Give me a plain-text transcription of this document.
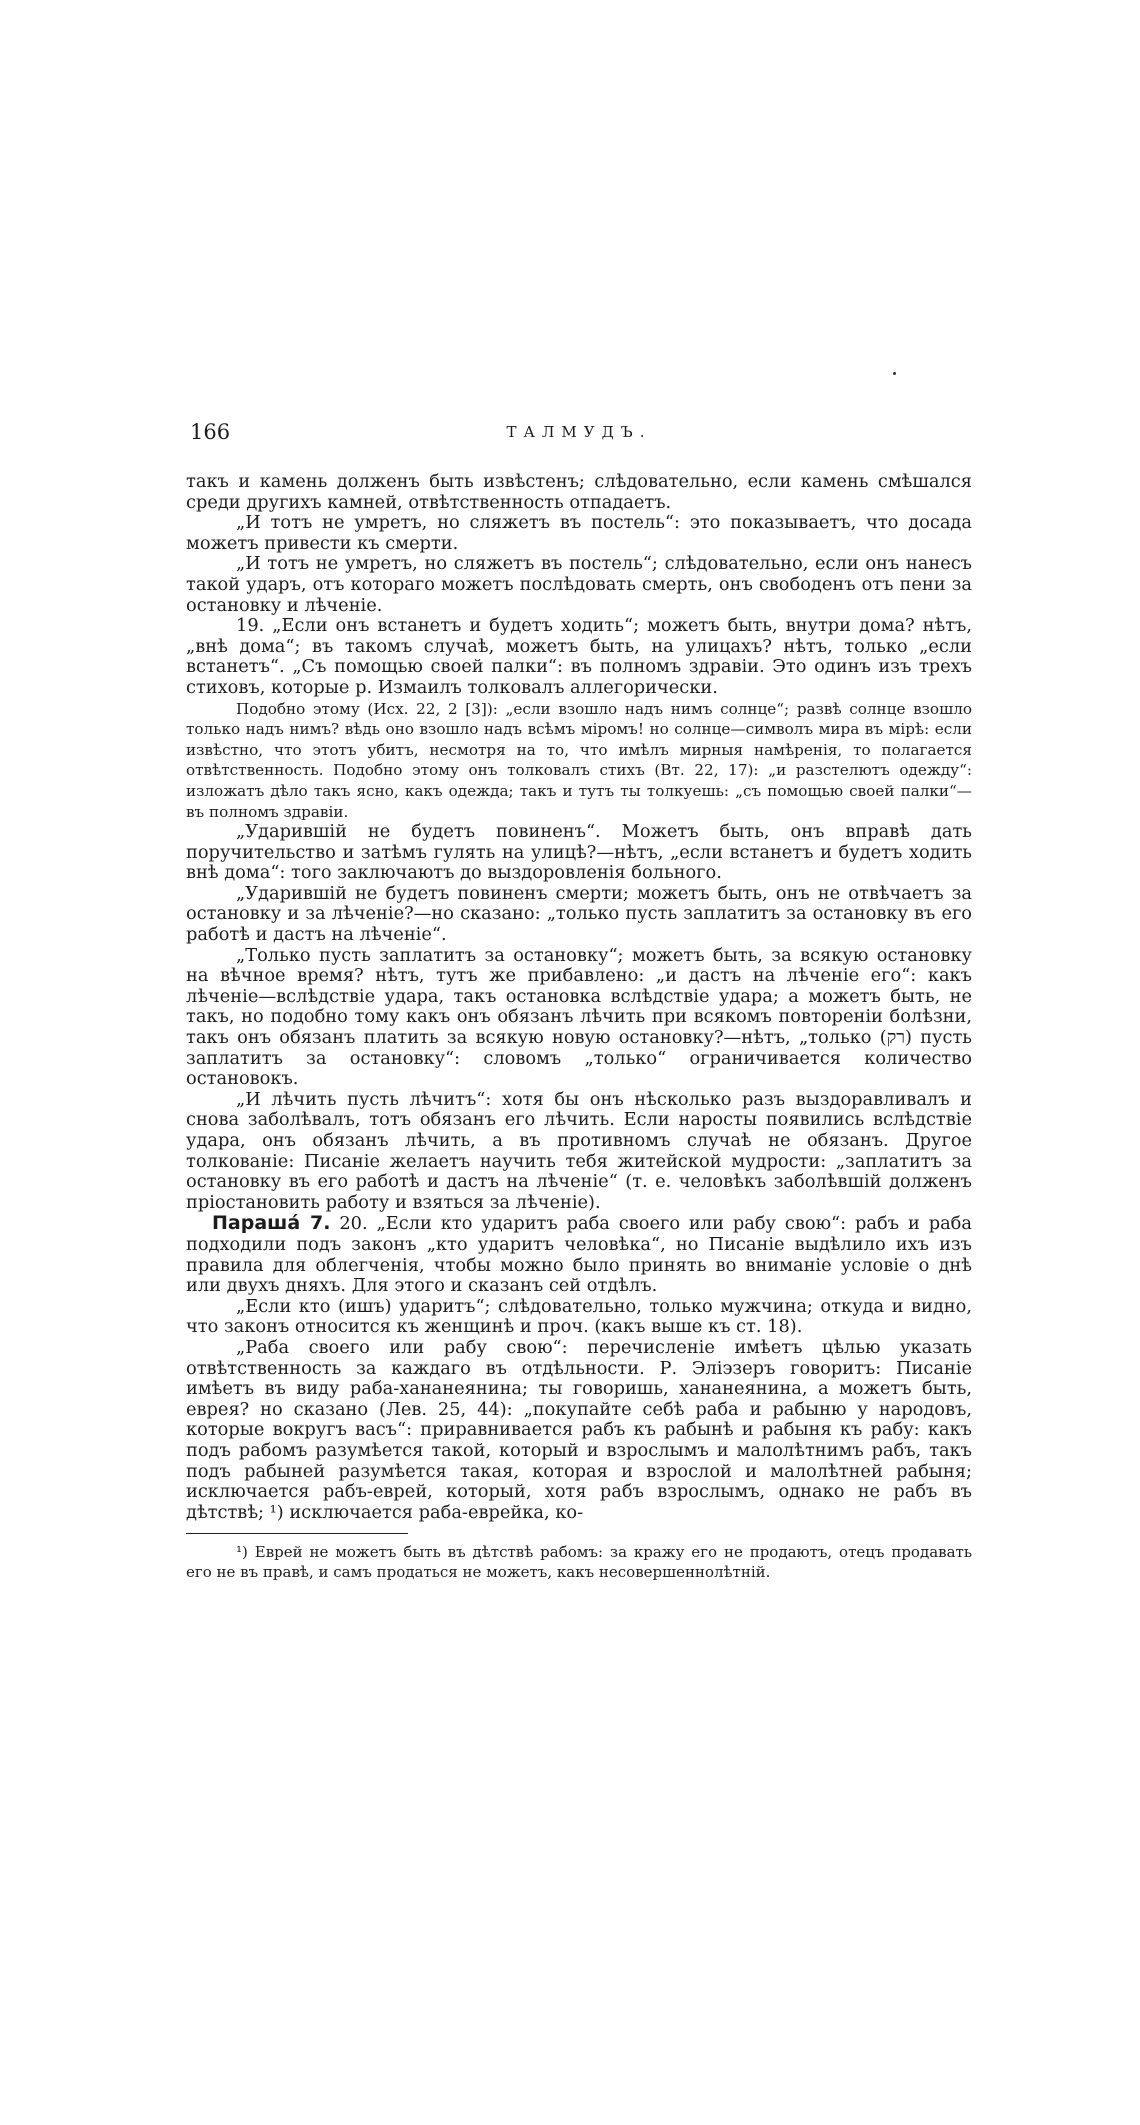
166	ТАЛМУДЪ.

такъ и камень долженъ быть извѣстенъ; слѣдовательно, если камень смѣшался среди другихъ камней, отвѣтственность отпадаетъ.

„И тотъ не умретъ, но сляжетъ въ постель“: это показываетъ, что досада можетъ привести къ смерти.

„И тотъ не умретъ, но сляжетъ въ постель“; слѣдовательно, если онъ нанесъ такой ударъ, отъ котораго можетъ послѣдовать смерть, онъ свободенъ отъ пени за остановку и лѣченіе.

19. „Если онъ встанетъ и будетъ ходить“; можетъ быть, внутри дома? нѣтъ, „внѣ дома“; въ такомъ случаѣ, можетъ быть, на улицахъ? нѣтъ, только „если встанетъ“. „Съ помощью своей палки“: въ полномъ здравіи. Это одинъ изъ трехъ стиховъ, которые р. Измаилъ толковалъ аллегорически.

Подобно этому (Исх. 22, 2 [3]): „если взошло надъ нимъ солнце“; развѣ солнце взошло только надъ нимъ? вѣдь оно взошло надъ всѣмъ міромъ! но солнце—символъ мира въ мірѣ: если извѣстно, что этотъ убитъ, несмотря на то, что имѣлъ мирныя намѣренія, то полагается отвѣтственность. Подобно этому онъ толковалъ стихъ (Вт. 22, 17): „и разстелютъ одежду“: изложатъ дѣло такъ ясно, какъ одежда; такъ и тутъ ты толкуешь: „съ помощью своей палки“—въ полномъ здравіи.

„Ударившій не будетъ повиненъ“. Можетъ быть, онъ вправѣ дать поручительство и затѣмъ гулять на улицѣ?—нѣтъ, „если встанетъ и будетъ ходить внѣ дома“: того заключаютъ до выздоровленія больного.

„Ударившій не будетъ повиненъ смерти; можетъ быть, онъ не отвѣчаетъ за остановку и за лѣченіе?—но сказано: „только пусть заплатитъ за остановку въ его работѣ и дастъ на лѣченіе“.

„Только пусть заплатитъ за остановку“; можетъ быть, за всякую остановку на вѣчное время? нѣтъ, тутъ же прибавлено: „и дастъ на лѣченіе его“: какъ лѣченіе—вслѣдствіе удара, такъ остановка вслѣдствіе удара; а можетъ быть, не такъ, но подобно тому какъ онъ обязанъ лѣчить при всякомъ повтореніи болѣзни, такъ онъ обязанъ платить за всякую новую остановку?—нѣтъ, „только (רק) пусть заплатитъ за остановку“: словомъ „только“ ограничивается количество остановокъ.

„И лѣчить пусть лѣчитъ“: хотя бы онъ нѣсколько разъ выздоравливалъ и снова заболѣвалъ, тотъ обязанъ его лѣчить. Если наросты появились вслѣдствіе удара, онъ обязанъ лѣчить, а въ противномъ случаѣ не обязанъ. Другое толкованіе: Писаніе желаетъ научить тебя житейской мудрости: „заплатитъ за остановку въ его работѣ и дастъ на лѣченіе“ (т. е. человѣкъ заболѣвшій долженъ пріостановить работу и взяться за лѣченіе).

Парашá 7. 20. „Если кто ударитъ раба своего или рабу свою“: рабъ и раба подходили подъ законъ „кто ударитъ человѣка“, но Писаніе выдѣлило ихъ изъ правила для облегченія, чтобы можно было принять во вниманіе условіе о днѣ или двухъ дняхъ. Для этого и сказанъ сей отдѣлъ.

„Если кто (ишъ) ударитъ“; слѣдовательно, только мужчина; откуда и видно, что законъ относится къ женщинѣ и проч. (какъ выше къ ст. 18).

„Раба своего или рабу свою“: перечисленіе имѣетъ цѣлью указать отвѣтственность за каждаго въ отдѣльности. Р. Элiэзеръ говоритъ: Писаніе имѣетъ въ виду раба-хананеянина; ты говоришь, хананеянина, а можетъ быть, еврея? но сказано (Лев. 25, 44): „покупайте себѣ раба и рабыню у народовъ, которые вокругъ васъ“: приравнивается рабъ къ рабынѣ и рабыня къ рабу: какъ подъ рабомъ разумѣется такой, который и взрослымъ и малолѣтнимъ рабъ, такъ подъ рабыней разумѣется такая, которая и взрослой и малолѣтней рабыня; исключается рабъ-еврей, который, хотя рабъ взрослымъ, однако не рабъ въ дѣтствѣ; ¹) исключается раба-еврейка, ко-

¹) Еврей не можетъ быть въ дѣтствѣ рабомъ: за кражу его не продаютъ, отецъ продавать его не въ правѣ, и самъ продаться не можетъ, какъ несовершеннолѣтній.
